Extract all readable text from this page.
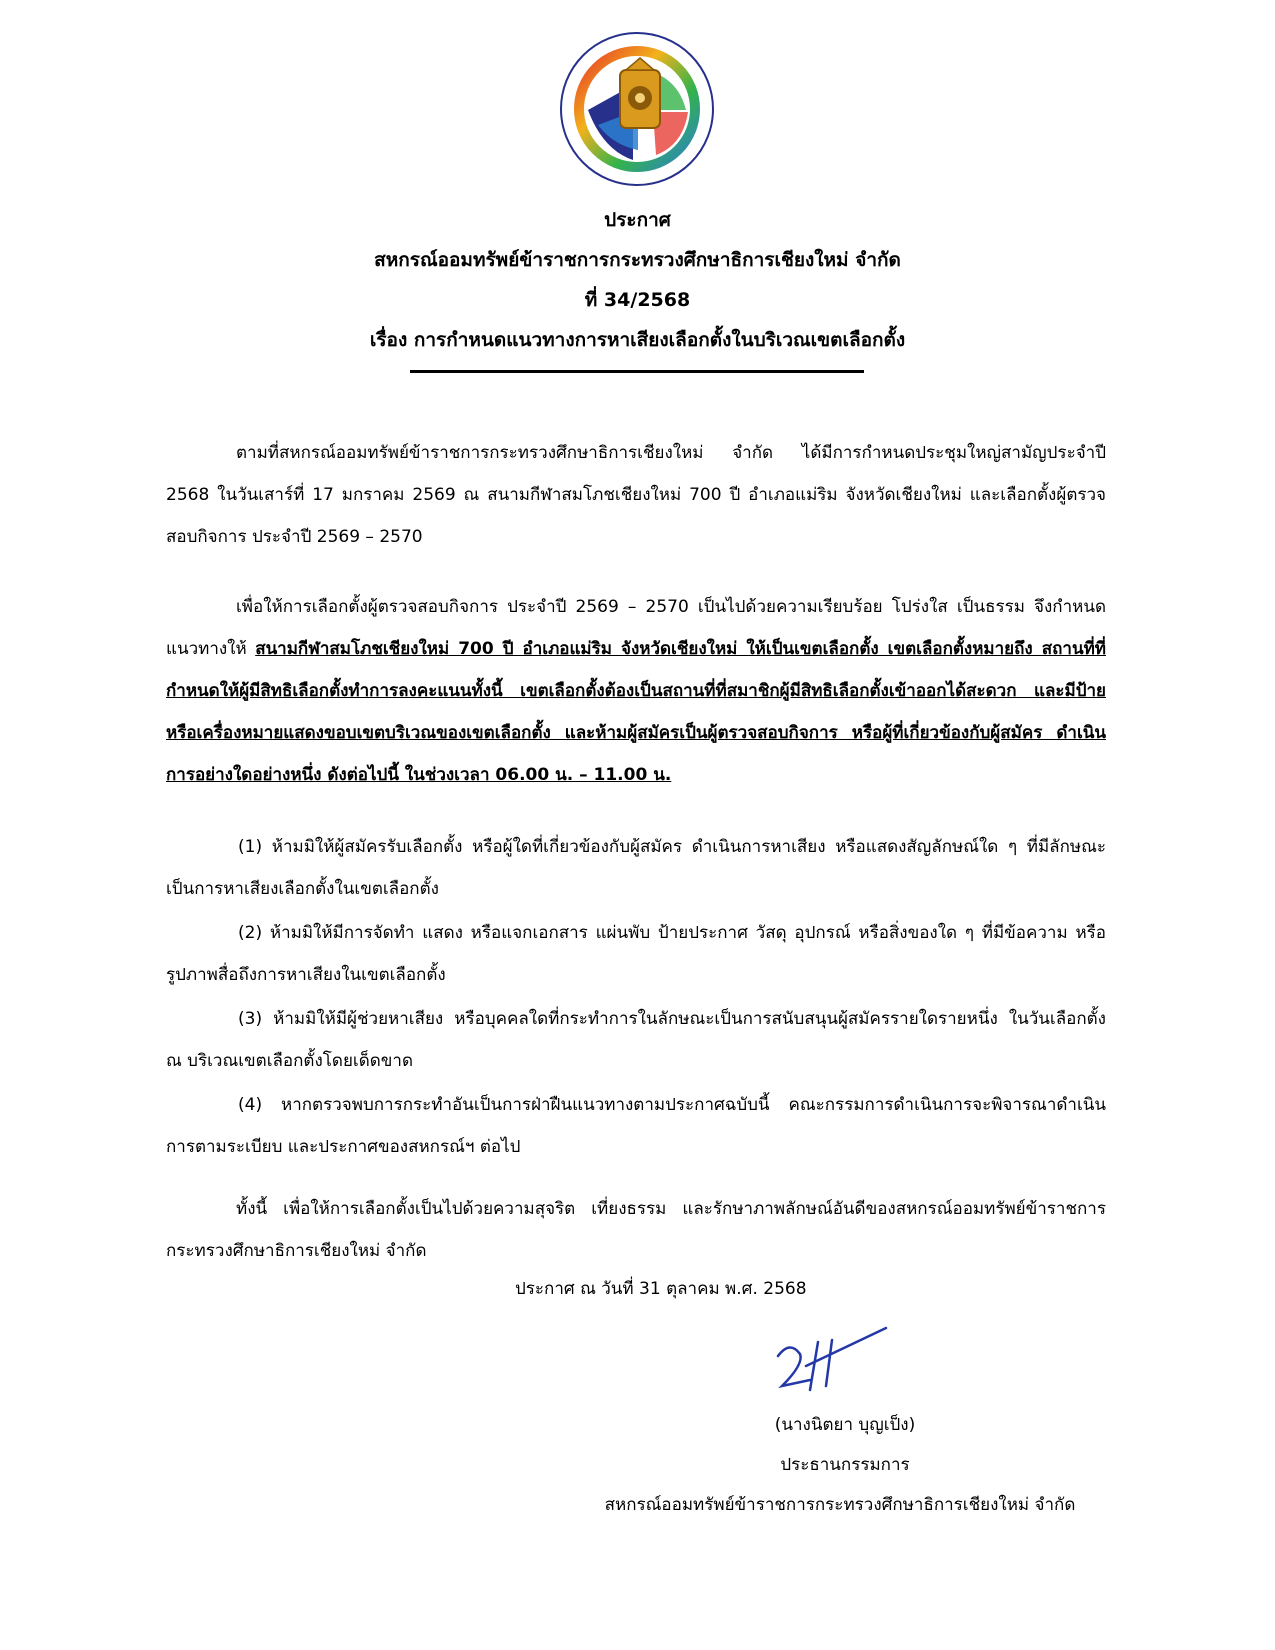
ประกาศ
สหกรณ์ออมทรัพย์ข้าราชการกระทรวงศึกษาธิการเชียงใหม่ จำกัด
ที่ 34/2568
เรื่อง การกำหนดแนวทางการหาเสียงเลือกตั้งในบริเวณเขตเลือกตั้ง

ตามที่สหกรณ์ออมทรัพย์ข้าราชการกระทรวงศึกษาธิการเชียงใหม่ จำกัด ได้มีการกำหนดประชุมใหญ่สามัญประจำปี 2568 ในวันเสาร์ที่ 17 มกราคม 2569 ณ สนามกีฬาสมโภชเชียงใหม่ 700 ปี อำเภอแม่ริม จังหวัดเชียงใหม่ และเลือกตั้งผู้ตรวจสอบกิจการ ประจำปี 2569 – 2570

เพื่อให้การเลือกตั้งผู้ตรวจสอบกิจการ ประจำปี 2569 – 2570 เป็นไปด้วยความเรียบร้อย โปร่งใส เป็นธรรม จึงกำหนดแนวทางให้ สนามกีฬาสมโภชเชียงใหม่ 700 ปี อำเภอแม่ริม จังหวัดเชียงใหม่ ให้เป็นเขตเลือกตั้ง เขตเลือกตั้งหมายถึง สถานที่ที่กำหนดให้ผู้มีสิทธิเลือกตั้งทำการลงคะแนนทั้งนี้ เขตเลือกตั้งต้องเป็นสถานที่ที่สมาชิกผู้มีสิทธิเลือกตั้งเข้าออกได้สะดวก และมีป้ายหรือเครื่องหมายแสดงขอบเขตบริเวณของเขตเลือกตั้ง และห้ามผู้สมัครเป็นผู้ตรวจสอบกิจการ หรือผู้ที่เกี่ยวข้องกับผู้สมัคร ดำเนินการอย่างใดอย่างหนึ่ง ดังต่อไปนี้ ในช่วงเวลา 06.00 น. – 11.00 น.

(1) ห้ามมิให้ผู้สมัครรับเลือกตั้ง หรือผู้ใดที่เกี่ยวข้องกับผู้สมัคร ดำเนินการหาเสียง หรือแสดงสัญลักษณ์ใด ๆ ที่มีลักษณะเป็นการหาเสียงเลือกตั้งในเขตเลือกตั้ง

(2) ห้ามมิให้มีการจัดทำ แสดง หรือแจกเอกสาร แผ่นพับ ป้ายประกาศ วัสดุ อุปกรณ์ หรือสิ่งของใด ๆ ที่มีข้อความ หรือรูปภาพสื่อถึงการหาเสียงในเขตเลือกตั้ง

(3) ห้ามมิให้มีผู้ช่วยหาเสียง หรือบุคคลใดที่กระทำการในลักษณะเป็นการสนับสนุนผู้สมัครรายใดรายหนึ่ง ในวันเลือกตั้ง ณ บริเวณเขตเลือกตั้งโดยเด็ดขาด

(4) หากตรวจพบการกระทำอันเป็นการฝ่าฝืนแนวทางตามประกาศฉบับนี้ คณะกรรมการดำเนินการจะพิจารณาดำเนินการตามระเบียบ และประกาศของสหกรณ์ฯ ต่อไป

ทั้งนี้ เพื่อให้การเลือกตั้งเป็นไปด้วยความสุจริต เที่ยงธรรม และรักษาภาพลักษณ์อันดีของสหกรณ์ออมทรัพย์ข้าราชการกระทรวงศึกษาธิการเชียงใหม่ จำกัด

ประกาศ ณ วันที่ 31 ตุลาคม พ.ศ. 2568
(นางนิตยา บุญเป็ง)
ประธานกรรมการ
สหกรณ์ออมทรัพย์ข้าราชการกระทรวงศึกษาธิการเชียงใหม่ จำกัด
